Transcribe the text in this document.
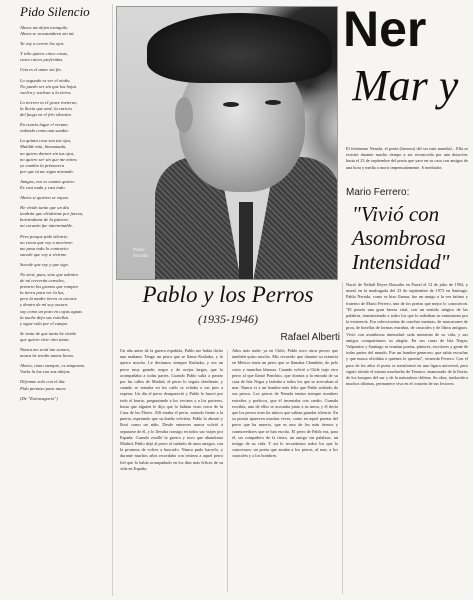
Pido Silencio
Ahora me dejen tranquilo.
Ahora se acostumbren sin mí.
Yo voy a cerrar los ojos.
Y sólo quiero cinco cosas,
cinco raíces preferidas.
Una es el amor sin fin.
Lo segundo es ver el otoño.
No puedo ser sin que las hojas
vuelen y vuelvan a la tierra.
Lo tercero es el grave invierno,
la lluvia que amé, la caricia
del fuego en el frío silvestre.
En cuarto lugar el verano
redondo como una sandía.
La quinta cosa son tus ojos,
Matilde mía, bienamada,
no quiero dormir sin tus ojos,
no quiero ser sin que me mires:
yo cambio la primavera
por que tú me sigas mirando.
Amigos, eso es cuanto quiero.
Es casi nada y casi todo.
Ahora si quieren se vayan.
He vivido tanto que un día
tendrán que olvidarme por fuerza,
borrándome de la pizarra:
mi corazón fue interminable.
Pero porque pido silencio
no crean que voy a morirme:
me pasa todo lo contrario:
sucede que voy a vivirme.
Sucede que soy y que sigo.
No será, pues, sino que adentro
de mí crecerán cereales,
primero los granos que rompen
la tierra para ver la luz,
pero la madre tierra es oscura:
y dentro de mí soy oscuro:
soy como un pozo en cuyas aguas
la noche deja sus estrellas
y sigue sola por el campo.
Se trata de que tanto he vivido
que quiero vivir otro tanto.
Nunca me sentí tan sonoro,
nunca he tenido tantos besos.
Ahora, como siempre, es temprano.
Vuela la luz con sus abejas.
Déjenme solo con el día.
Pido permiso para nacer.
(De "Estravagario")
Pablo
Neruda.
Ner
Mar y
El fenómeno Neruda, el poeta (famoso) del ser más mundial... Ella se resistió durante mucho tiempo a ser reconocida por una dotación: hasta el 23 de septiembre del poeta que yace en su casa con amigos de una hora y media a morir impensadamente. A mediados
Mario Ferrero:
"Vivió con Asombrosa Intensidad"
Pablo y los Perros
(1935-1946)
Rafael Alberti
Un año antes de la guerra española, Pablo me había dicho una mañana: Tengo un perro que se llama Kuthaka, y lo quiero mucho. Le decíamos siempre Kuthaka, y era un perro muy grande, negro y de orejas largas, que lo acompañaba a todas partes. Cuando Pablo salía a pasear por las calles de Madrid, el perro lo seguía obediente, y cuando se sentaba en los cafés se echaba a sus pies a esperar. Un día el perro desapareció y Pablo lo buscó por todo el barrio, preguntando a los vecinos y a los porteros, hasta que alguien le dijo que lo habían visto cerca de la Casa de las Flores. Allí estaba el perro, sentado frente a la puerta, esperando que su dueño volviera. Pablo lo abrazó y lloró como un niño. Desde entonces nunca volvió a separarse de él, y lo llevaba consigo en todos sus viajes por España. Cuando estalló la guerra y tuvo que abandonar Madrid, Pablo dejó al perro al cuidado de unos amigos, con la promesa de volver a buscarlo. Nunca pudo hacerlo, y durante muchos años recordaba con tristeza a aquel perro fiel que lo había acompañado en los días más felices de su vida en España.
Años más tarde, ya en Chile, Pablo tuvo otros perros que también quiso mucho. Mis recuerdo que durante su estancia en México tenía un perro que se llamaba Chambón, de pelo corto y manchas blancas. Cuando volvió a Chile trajo otro perro al que llamó Panchito, que dormía a la entrada de su casa de Isla Negra y ladraba a todos los que se acercaban al mar. Nunca vi a un hombre más feliz que Pablo rodeado de sus perros. Los perros de Neruda tenían siempre nombres extraños y poéticos, que él inventaba con cariño. Cuando escribía, uno de ellos se acostaba junto a su mesa, y él decía que los perros eran los únicos que sabían guardar silencio. En su poesía aparecen muchas veces, como en aquel poema del perro que ha muerto, que es uno de los más tiernos y conmovedores que se han escrito. El perro de Pablo era, para él, un compañero de la tierra, un amigo sin palabras, un testigo de su vida. Y así lo recordamos todos los que lo conocimos: un poeta que amaba a los perros, al mar, a los caracoles y a los hombres.
Nació de Neftalí Reyes Basoalto en Parral el 12 de julio de 1904, y murió en la madrugada del 23 de septiembre de 1973 en Santiago. Pablo Neruda, como se hizo llamar, fue un amigo a la vez íntimo y fraterno de Mario Ferrero, uno de los poetas que mejor lo conocieron. "El poseía una gran fuerza vital, con un sentido mágico de las palabras, transmitiendo a todos los que lo rodeaban su entusiasmo por la existencia. Era coleccionista de conchas marinas, de mascarones de proa, de botellas de formas extrañas, de caracoles y de libros antiguos. Vivió con asombrosa intensidad cada momento de su vida, y sus amigos compartíamos su alegría. En sus casas de Isla Negra, Valparaíso y Santiago se reunían poetas, pintores, escritores y gente de todas partes del mundo. Fue un hombre generoso, que sabía escuchar y que nunca olvidaba a quienes lo querían", recuerda Ferrero. Con el paso de los años el poeta se transformó en una figura universal, pero siguió siendo el mismo muchacho de Temuco, enamorado de la lluvia, de los bosques del sur y de la naturaleza chilena. Su obra, traducida a muchos idiomas, permanece viva en el corazón de sus lectores.
